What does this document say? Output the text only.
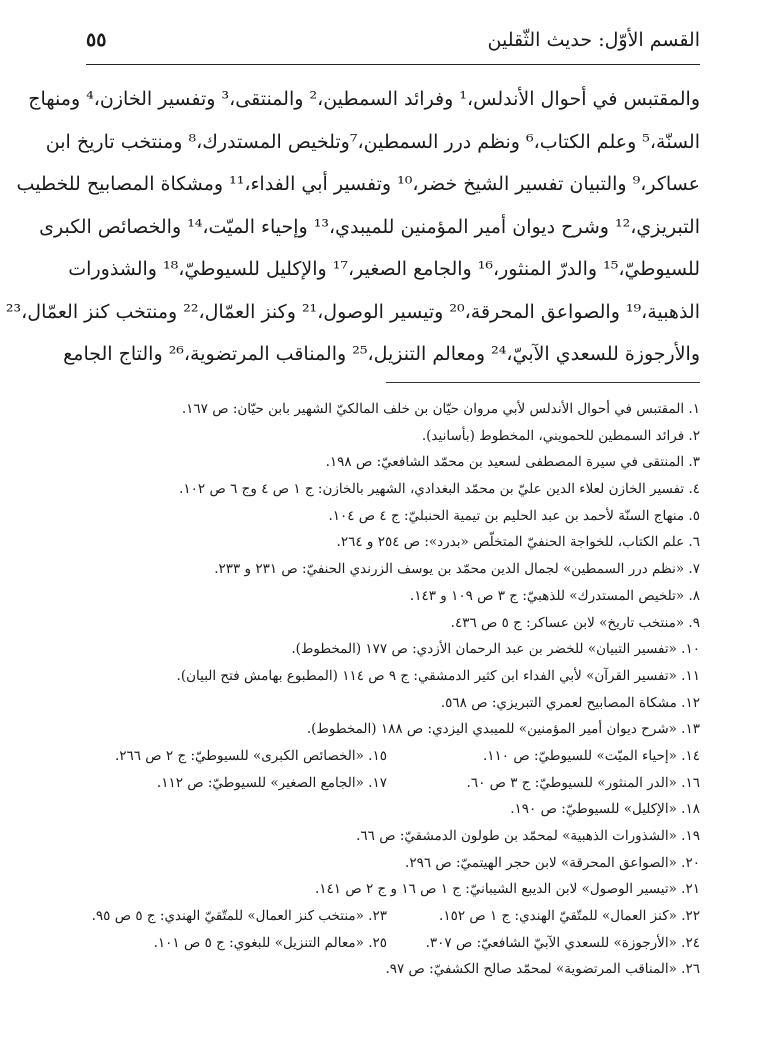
القسم الأوّل: حديث الثّقلين
٥٥
والمقتبس في أحوال الأندلس،¹ وفرائد السمطين،² والمنتقى،³ وتفسير الخازن،⁴ ومنهاج
السنّة،⁵ وعلم الكتاب،⁶ ونظم درر السمطين،⁷وتلخيص المستدرك،⁸ ومنتخب تاريخ ابن
عساكر،⁹ والتبيان تفسير الشيخ خضر،¹⁰ وتفسير أبي الفداء،¹¹ ومشكاة المصابيح للخطيب
التبريزي،¹² وشرح ديوان أمير المؤمنين للميبدي،¹³ وإحياء الميّت،¹⁴ والخصائص الكبرى
للسيوطيّ،¹⁵ والدرّ المنثور،¹⁶ والجامع الصغير،¹⁷ والإكليل للسيوطيّ،¹⁸ والشذورات
الذهبية،¹⁹ والصواعق المحرقة،²⁰ وتيسير الوصول،²¹ وكنز العمّال،²² ومنتخب كنز العمّال،²³
والأرجوزة للسعدي الآبيّ،²⁴ ومعالم التنزيل،²⁵ والمناقب المرتضوية،²⁶ والتاج الجامع
١. المقتبس في أحوال الأندلس لأبي مروان حيّان بن خلف المالكيّ الشهير بابن حيّان: ص ١٦٧.
٢. فرائد السمطين للحمويني، المخطوط (بأسانيد).
٣. المنتقى في سيرة المصطفى لسعيد بن محمّد الشافعيّ: ص ١٩٨.
٤. تفسير الخازن لعلاء الدين عليّ بن محمّد البغدادي، الشهير بالخازن: ج ١ ص ٤ وج ٦ ص ١٠٢.
٥. منهاج السنّة لأحمد بن عبد الحليم بن تيمية الحنبليّ: ج ٤ ص ١٠٤.
٦. علم الكتاب، للخواجة الحنفيّ المتخلّص «بدرد»: ص ٢٥٤ و ٢٦٤.
٧. «نظم درر السمطين» لجمال الدين محمّد بن يوسف الزرندي الحنفيّ: ص ٢٣١ و ٢٣٣.
٨. «تلخيص المستدرك» للذهبيّ: ج ٣ ص ١٠٩ و ١٤٣.
٩. «منتخب تاريخ» لابن عساكر: ج ٥ ص ٤٣٦.
١٠. «تفسير التبيان» للخضر بن عبد الرحمان الأزدي: ص ١٧٧ (المخطوط).
١١. «تفسير القرآن» لأبي الفداء ابن كثير الدمشقي: ج ٩ ص ١١٤ (المطبوع بهامش فتح البيان).
١٢. مشكاة المصابيح لعمري التبريزي: ص ٥٦٨.
١٣. «شرح ديوان أمير المؤمنين» للميبدي اليزدي: ص ١٨٨ (المخطوط).
١٤. «إحياء الميّت» للسيوطيّ: ص ١١٠.
١٥. «الخصائص الكبرى» للسيوطيّ: ج ٢ ص ٢٦٦.
١٦. «الدر المنثور» للسيوطيّ: ج ٣ ص ٦٠.
١٧. «الجامع الصغير» للسيوطيّ: ص ١١٢.
١٨. «الإكليل» للسيوطيّ: ص ١٩٠.
١٩. «الشذورات الذهبية» لمحمّد بن طولون الدمشقيّ: ص ٦٦.
٢٠. «الصواعق المحرقة» لابن حجر الهيتميّ: ص ٢٩٦.
٢١. «تيسير الوصول» لابن الديبع الشيبانيّ: ج ١ ص ١٦ و ج ٢ ص ١٤١.
٢٢. «كنز العمال» للمتّقيّ الهندي: ج ١ ص ١٥٢.
٢٣. «منتخب كنز العمال» للمتّقيّ الهندي: ج ٥ ص ٩٥.
٢٤. «الأرجوزة» للسعدي الآبيّ الشافعيّ: ص ٣٠٧.
٢٥. «معالم التنزيل» للبغوي: ج ٥ ص ١٠١.
٢٦. «المناقب المرتضوية» لمحمّد صالح الكشفيّ: ص ٩٧.
